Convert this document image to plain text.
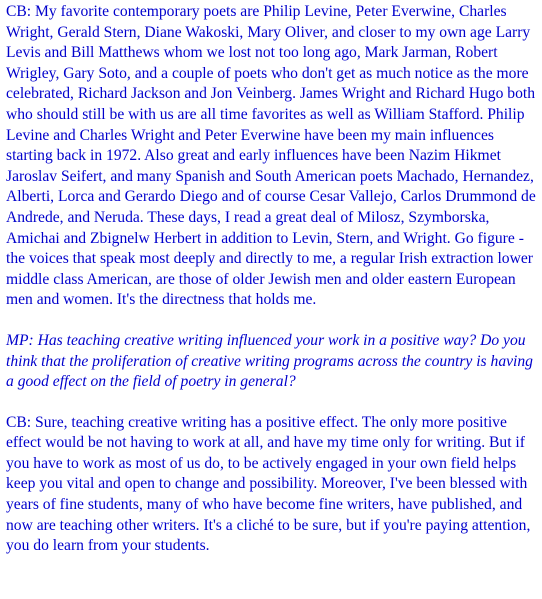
CB: My favorite contemporary poets are Philip Levine, Peter Everwine, Charles Wright, Gerald Stern, Diane Wakoski, Mary Oliver, and closer to my own age Larry Levis and Bill Matthews whom we lost not too long ago, Mark Jarman, Robert Wrigley, Gary Soto, and a couple of poets who don't get as much notice as the more celebrated, Richard Jackson and Jon Veinberg. James Wright and Richard Hugo both who should still be with us are all time favorites as well as William Stafford. Philip Levine and Charles Wright and Peter Everwine have been my main influences starting back in 1972. Also great and early influences have been Nazim Hikmet Jaroslav Seifert, and many Spanish and South American poets Machado, Hernandez, Alberti, Lorca and Gerardo Diego and of course Cesar Vallejo, Carlos Drummond de Andrede, and Neruda. These days, I read a great deal of Milosz, Szymborska, Amichai and Zbignelw Herbert in addition to Levin, Stern, and Wright. Go figure - the voices that speak most deeply and directly to me, a regular Irish extraction lower middle class American, are those of older Jewish men and older eastern European men and women. It's the directness that holds me.

MP: Has teaching creative writing influenced your work in a positive way? Do you think that the proliferation of creative writing programs across the country is having a good effect on the field of poetry in general?

CB: Sure, teaching creative writing has a positive effect. The only more positive effect would be not having to work at all, and have my time only for writing. But if you have to work as most of us do, to be actively engaged in your own field helps keep you vital and open to change and possibility. Moreover, I've been blessed with years of fine students, many of who have become fine writers, have published, and now are teaching other writers. It's a cliché to be sure, but if you're paying attention, you do learn from your students.
